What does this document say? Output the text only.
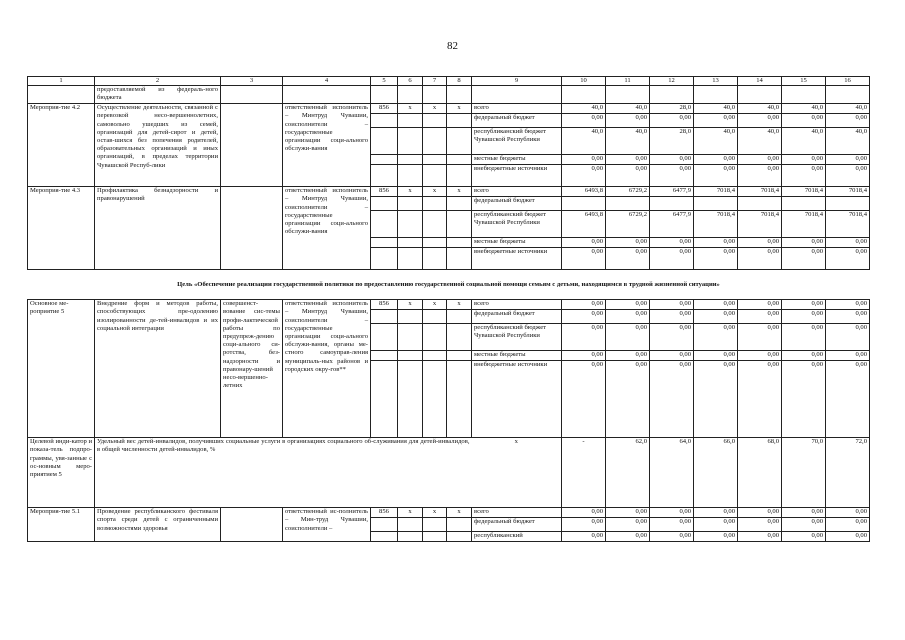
82
1	2	3	4	5	6	7	8	9	10	11	12	13	14	15	16
	предоставляемой из федераль-ного бюджета														
Мероприя-тие 4.2	Осуществление деятельности, связанной с перевозкой несо-вершеннолетних, самовольно ушедших из семей, организаций для детей-сирот и детей, остав-шихся без попечения родителей, образовательных организаций и иных организаций, в пределах территории Чувашской Респуб-лики		ответственный исполнитель – Минтруд Чувашии, соисполнители – государственные организации соци-ального обслужи-вания	856	x	x	x	всего	40,0	40,0	28,0	40,0	40,0	40,0	40,0
								федеральный бюджет	0,00	0,00	0,00	0,00	0,00	0,00	0,00
								республиканский бюджет Чувашской Республики	40,0	40,0	28,0	40,0	40,0	40,0	40,0
								местные бюджеты	0,00	0,00	0,00	0,00	0,00	0,00	0,00
								внебюджетные источники	0,00	0,00	0,00	0,00	0,00	0,00	0,00
Мероприя-тие 4.3	Профилактика безнадзорности и правонарушений		ответственный исполнитель – Минтруд Чувашии, соисполнители – государственные организации соци-ального обслужи-вания	856	x	x	x	всего	6493,8	6729,2	6477,9	7018,4	7018,4	7018,4	7018,4
								федеральный бюджет							
								республиканский бюджет Чувашской Республики	6493,8	6729,2	6477,9	7018,4	7018,4	7018,4	7018,4
								местные бюджеты	0,00	0,00	0,00	0,00	0,00	0,00	0,00
								внебюджетные источники	0,00	0,00	0,00	0,00	0,00	0,00	0,00
Цель «Обеспечение реализации государственной политики по предоставлению государственной социальной помощи семьям с детьми, находящимся в трудной жизненной ситуации»															
Основное ме-роприятие 5	Внедрение форм и методов работы, способствующих пре-одолению изолированности де-тей-инвалидов и их социальной интеграции	совершенст-вование сис-темы профи-лактической работы по предупреж-дению соци-ального си-ротства, без-надзорности и правонару-шений несо-вершенно-летних	ответственный исполнитель – Минтруд Чувашии, соисполнители – государственные организации соци-ального обслужи-вания, органы ме-стного самоуправ-ления муниципаль-ных районов и городских окру-гов**	856	x	x	x	всего	0,00	0,00	0,00	0,00	0,00	0,00	0,00
								федеральный бюджет	0,00	0,00	0,00	0,00	0,00	0,00	0,00
								республиканский бюджет Чувашской Республики	0,00	0,00	0,00	0,00	0,00	0,00	0,00
								местные бюджеты	0,00	0,00	0,00	0,00	0,00	0,00	0,00
								внебюджетные источники	0,00	0,00	0,00	0,00	0,00	0,00	0,00
Целевой инди-катор и показа-тель подпро-граммы, увя-занные с ос-новным меро-приятием 5	Удельный вес детей-инвалидов, получивших социальные услуги в организациях социального об-служивания для детей-инвалидов, в общей численности детей-инвалидов, %							x	-	62,0	64,0	66,0	68,0	70,0	72,0
Мероприя-тие 5.1	Проведение республиканского фестиваля спорта среди детей с ограниченными возможностями здоровья		ответственный ис-полнитель – Мин-труд Чувашии, соисполнители –	856	x	x	x	всего	0,00	0,00	0,00	0,00	0,00	0,00	0,00
								федеральный бюджет	0,00	0,00	0,00	0,00	0,00	0,00	0,00
								республиканский	0,00	0,00	0,00	0,00	0,00	0,00	0,00
